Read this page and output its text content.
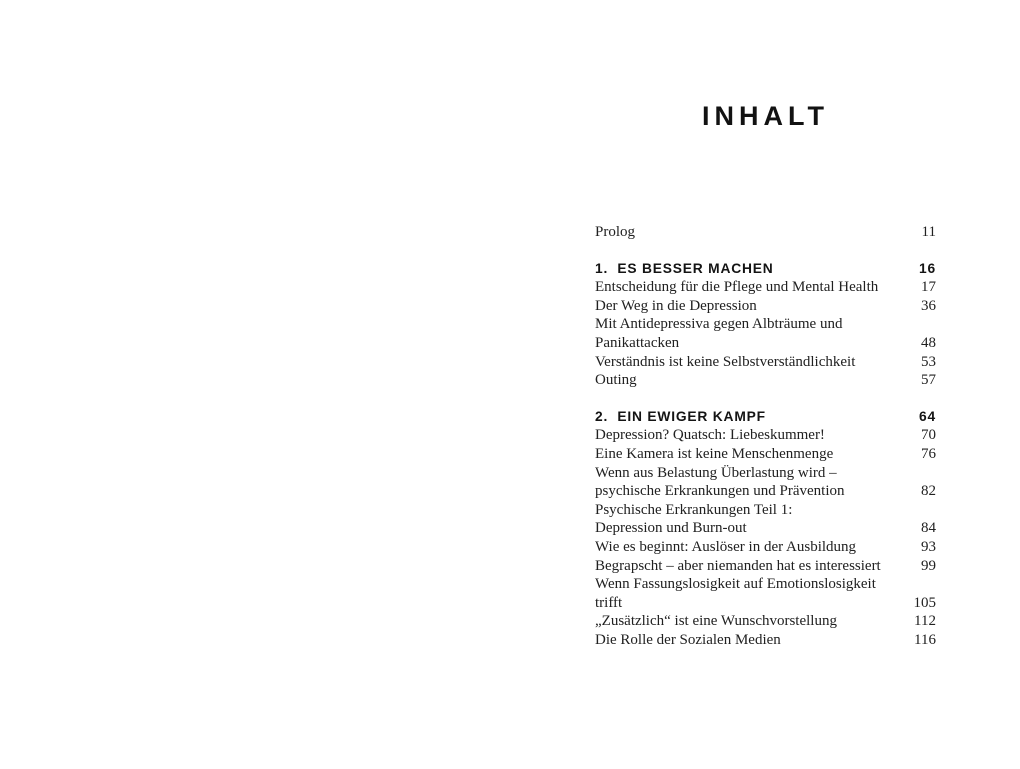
INHALT
Prolog	11
1.  ES BESSER MACHEN	16
Entscheidung für die Pflege und Mental Health	17
Der Weg in die Depression	36
Mit Antidepressiva gegen Albträume und
Panikattacken	48
Verständnis ist keine Selbstverständlichkeit	53
Outing	57
2.  EIN EWIGER KAMPF	64
Depression? Quatsch: Liebeskummer!	70
Eine Kamera ist keine Menschenmenge	76
Wenn aus Belastung Überlastung wird –
psychische Erkrankungen und Prävention	82
Psychische Erkrankungen Teil 1:
Depression und Burn-out	84
Wie es beginnt: Auslöser in der Ausbildung	93
Begrapscht – aber niemanden hat es interessiert	99
Wenn Fassungslosigkeit auf Emotionslosigkeit
trifft	105
„Zusätzlich“ ist eine Wunschvorstellung	112
Die Rolle der Sozialen Medien	116
